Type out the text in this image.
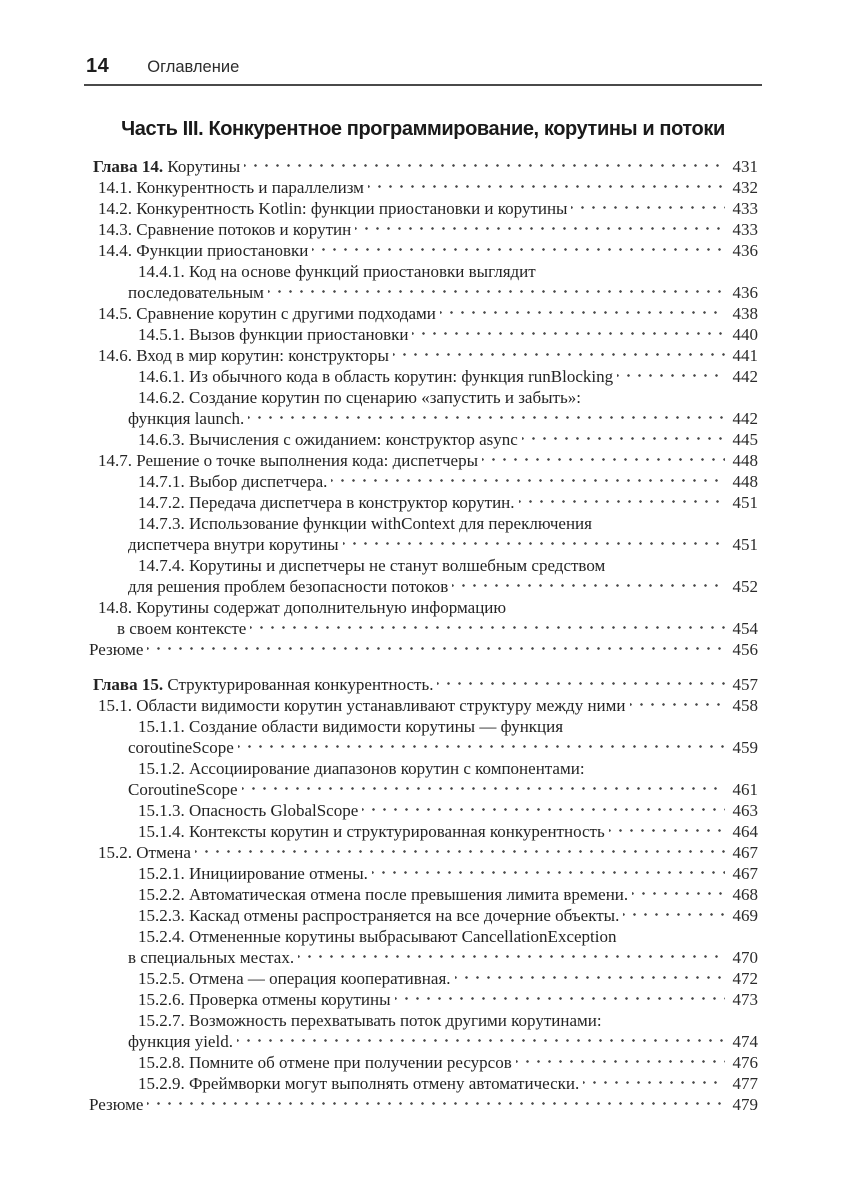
14 Оглавление
Часть III. Конкурентное программирование, корутины и потоки
Глава 14. Корутины	431
14.1. Конкурентность и параллелизм	432
14.2. Конкурентность Kotlin: функции приостановки и корутины	433
14.3. Сравнение потоков и корутин	433
14.4. Функции приостановки	436
14.4.1. Код на основе функций приостановки выглядит
последовательным	436
14.5. Сравнение корутин с другими подходами	438
14.5.1. Вызов функции приостановки	440
14.6. Вход в мир корутин: конструкторы	441
14.6.1. Из обычного кода в область корутин: функция runBlocking	442
14.6.2. Создание корутин по сценарию «запустить и забыть»:
функция launch.	442
14.6.3. Вычисления с ожиданием: конструктор async	445
14.7. Решение о точке выполнения кода: диспетчеры	448
14.7.1. Выбор диспетчера.	448
14.7.2. Передача диспетчера в конструктор корутин.	451
14.7.3. Использование функции withContext для переключения
диспетчера внутри корутины	451
14.7.4. Корутины и диспетчеры не станут волшебным средством
для решения проблем безопасности потоков	452
14.8. Корутины содержат дополнительную информацию
в своем контексте	454
Резюме	456
Глава 15. Структурированная конкурентность.	457
15.1. Области видимости корутин устанавливают структуру между ними	458
15.1.1. Создание области видимости корутины — функция
coroutineScope	459
15.1.2. Ассоциирование диапазонов корутин с компонентами:
CoroutineScope	461
15.1.3. Опасность GlobalScope	463
15.1.4. Контексты корутин и структурированная конкурентность	464
15.2. Отмена	467
15.2.1. Инициирование отмены.	467
15.2.2. Автоматическая отмена после превышения лимита времени.	468
15.2.3. Каскад отмены распространяется на все дочерние объекты.	469
15.2.4. Отмененные корутины выбрасывают CancellationException
в специальных местах.	470
15.2.5. Отмена — операция кооперативная.	472
15.2.6. Проверка отмены корутины	473
15.2.7. Возможность перехватывать поток другими корутинами:
функция yield.	474
15.2.8. Помните об отмене при получении ресурсов	476
15.2.9. Фреймворки могут выполнять отмену автоматически.	477
Резюме	479
